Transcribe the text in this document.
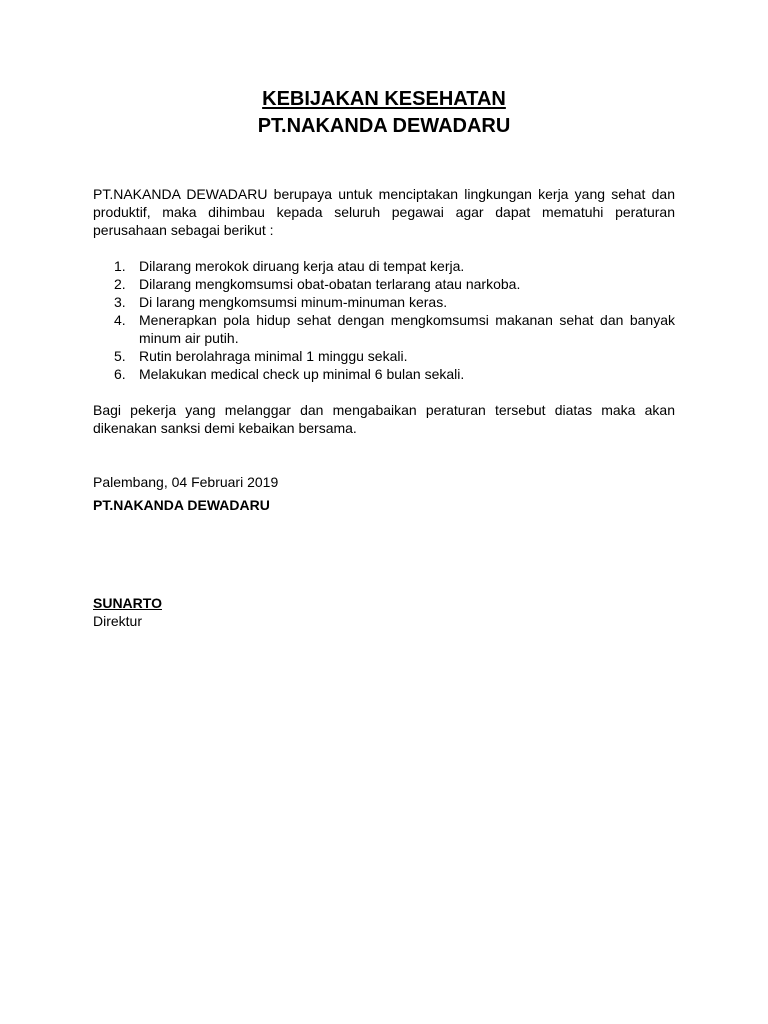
KEBIJAKAN KESEHATAN

PT.NAKANDA DEWADARU

PT.NAKANDA DEWADARU berupaya untuk menciptakan lingkungan kerja yang sehat dan produktif, maka dihimbau kepada seluruh pegawai agar dapat mematuhi peraturan perusahaan sebagai berikut :

1. Dilarang merokok diruang kerja atau di tempat kerja.
2. Dilarang mengkomsumsi obat-obatan terlarang atau narkoba.
3. Di larang mengkomsumsi minum-minuman keras.
4. Menerapkan pola hidup sehat dengan mengkomsumsi makanan sehat dan banyak minum air putih.
5. Rutin berolahraga minimal 1 minggu sekali.
6. Melakukan medical check up minimal 6 bulan sekali.

Bagi pekerja yang melanggar dan mengabaikan peraturan tersebut diatas maka akan dikenakan sanksi demi kebaikan bersama.

Palembang, 04 Februari 2019

PT.NAKANDA DEWADARU

SUNARTO

Direktur
